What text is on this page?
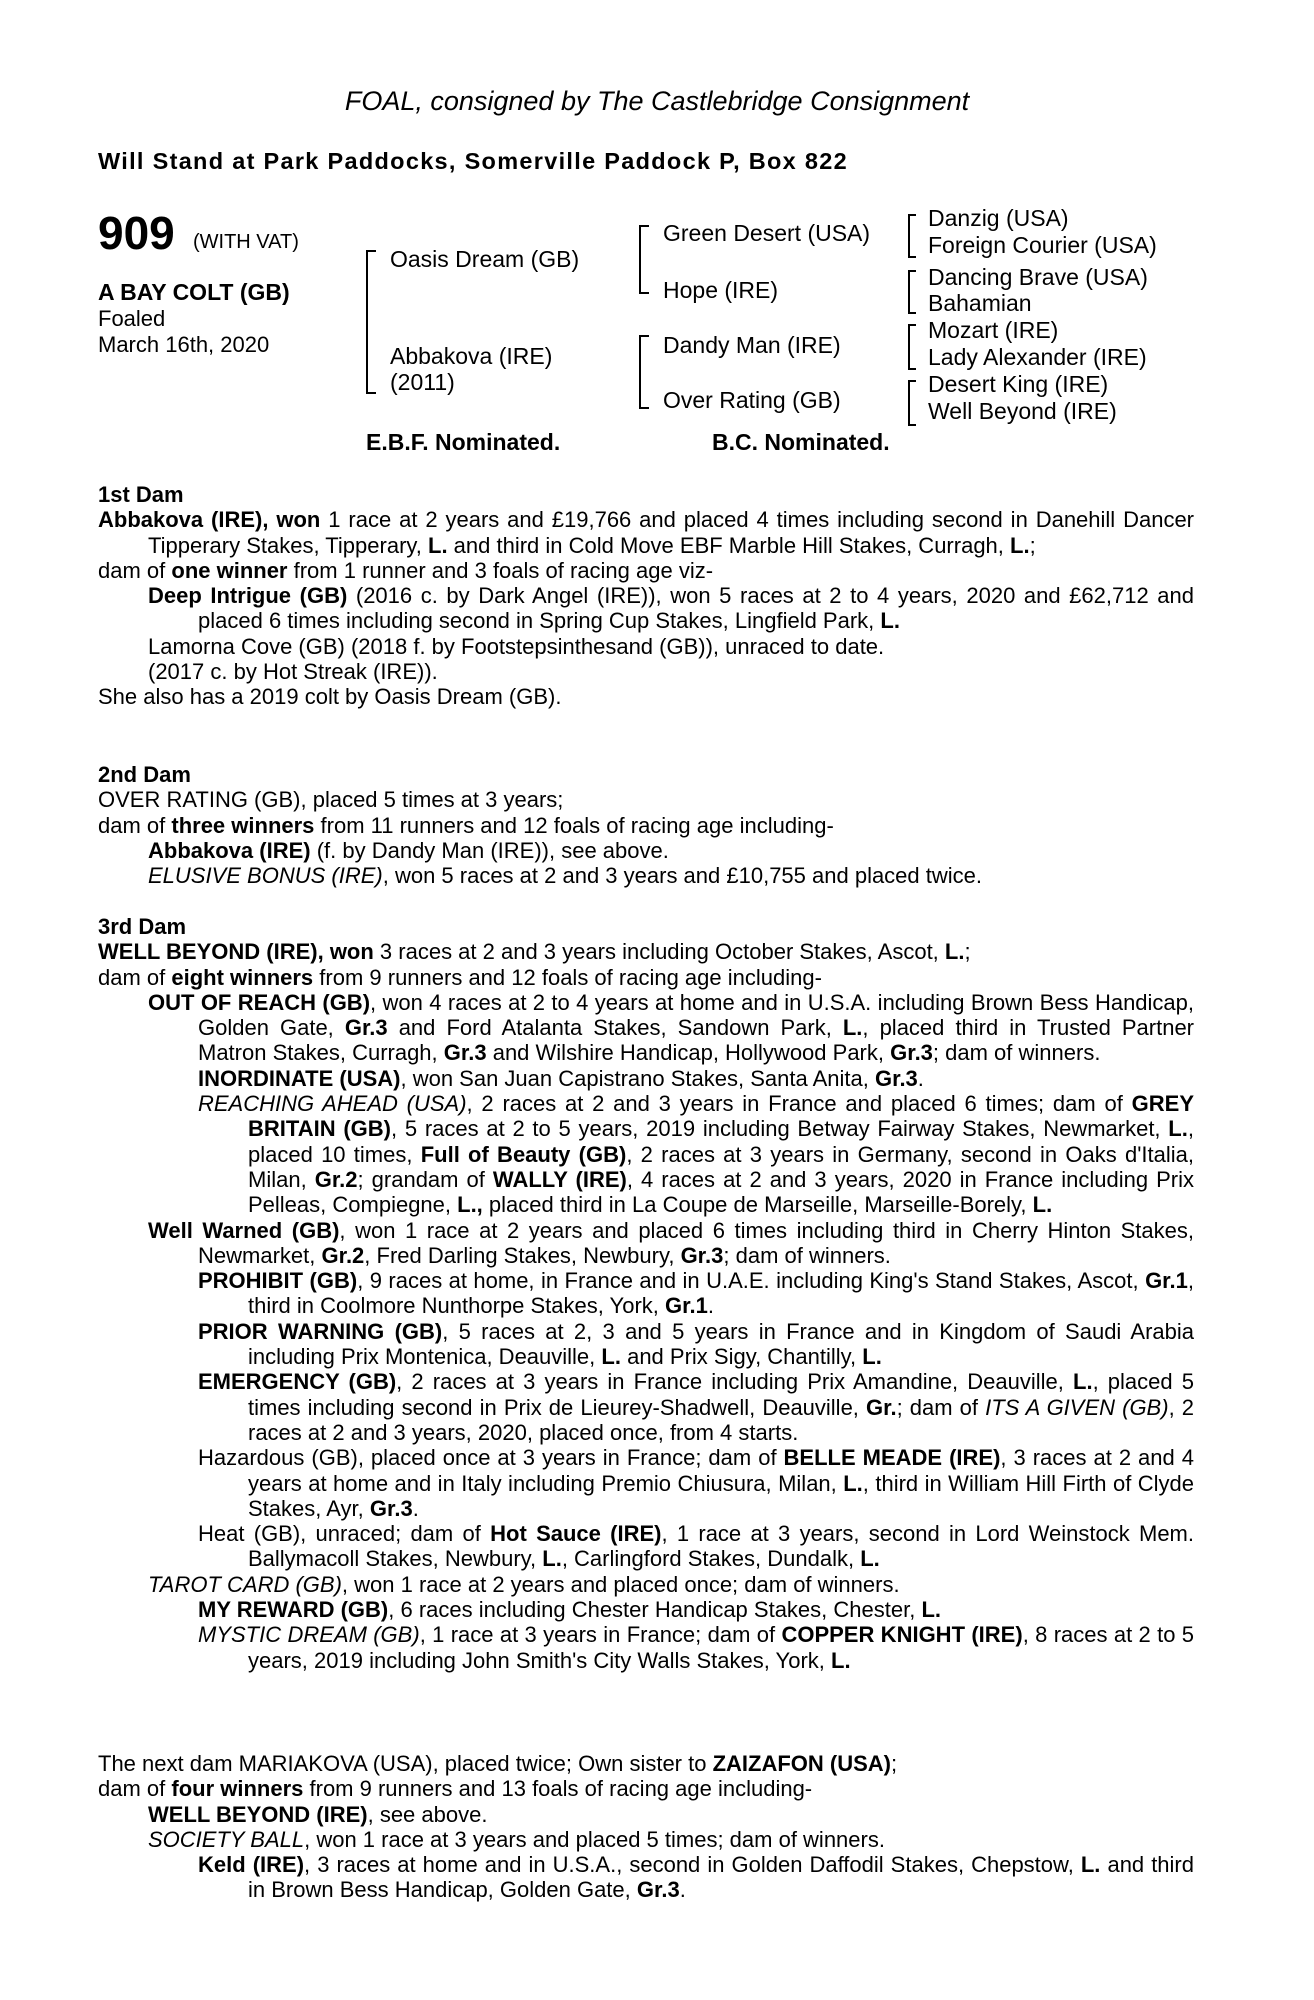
FOAL, consigned by The Castlebridge Consignment
Will Stand at Park Paddocks, Somerville Paddock P, Box 822
909 (WITH VAT)
A BAY COLT (GB)
Foaled
March 16th, 2020
Oasis Dream (GB)
Abbakova (IRE)
(2011)
Green Desert (USA)
Hope (IRE)
Dandy Man (IRE)
Over Rating (GB)
Danzig (USA)
Foreign Courier (USA)
Dancing Brave (USA)
Bahamian
Mozart (IRE)
Lady Alexander (IRE)
Desert King (IRE)
Well Beyond (IRE)
E.B.F. Nominated.	B.C. Nominated.

1st Dam

Abbakova (IRE), won 1 race at 2 years and £19,766 and placed 4 times including second in Danehill Dancer Tipperary Stakes, Tipperary, L. and third in Cold Move EBF Marble Hill Stakes, Curragh, L.;

dam of one winner from 1 runner and 3 foals of racing age viz-

Deep Intrigue (GB) (2016 c. by Dark Angel (IRE)), won 5 races at 2 to 4 years, 2020 and £62,712 and placed 6 times including second in Spring Cup Stakes, Lingfield Park, L.

Lamorna Cove (GB) (2018 f. by Footstepsinthesand (GB)), unraced to date.

(2017 c. by Hot Streak (IRE)).

She also has a 2019 colt by Oasis Dream (GB).

2nd Dam

OVER RATING (GB), placed 5 times at 3 years;

dam of three winners from 11 runners and 12 foals of racing age including-

Abbakova (IRE) (f. by Dandy Man (IRE)), see above.

ELUSIVE BONUS (IRE), won 5 races at 2 and 3 years and £10,755 and placed twice.

3rd Dam

WELL BEYOND (IRE), won 3 races at 2 and 3 years including October Stakes, Ascot, L.;

dam of eight winners from 9 runners and 12 foals of racing age including-

OUT OF REACH (GB), won 4 races at 2 to 4 years at home and in U.S.A. including Brown Bess Handicap, Golden Gate, Gr.3 and Ford Atalanta Stakes, Sandown Park, L., placed third in Trusted Partner Matron Stakes, Curragh, Gr.3 and Wilshire Handicap, Hollywood Park, Gr.3; dam of winners.

INORDINATE (USA), won San Juan Capistrano Stakes, Santa Anita, Gr.3.

REACHING AHEAD (USA), 2 races at 2 and 3 years in France and placed 6 times; dam of GREY BRITAIN (GB), 5 races at 2 to 5 years, 2019 including Betway Fairway Stakes, Newmarket, L., placed 10 times, Full of Beauty (GB), 2 races at 3 years in Germany, second in Oaks d'Italia, Milan, Gr.2; grandam of WALLY (IRE), 4 races at 2 and 3 years, 2020 in France including Prix Pelleas, Compiegne, L., placed third in La Coupe de Marseille, Marseille-Borely, L.

Well Warned (GB), won 1 race at 2 years and placed 6 times including third in Cherry Hinton Stakes, Newmarket, Gr.2, Fred Darling Stakes, Newbury, Gr.3; dam of winners.

PROHIBIT (GB), 9 races at home, in France and in U.A.E. including King's Stand Stakes, Ascot, Gr.1, third in Coolmore Nunthorpe Stakes, York, Gr.1.

PRIOR WARNING (GB), 5 races at 2, 3 and 5 years in France and in Kingdom of Saudi Arabia including Prix Montenica, Deauville, L. and Prix Sigy, Chantilly, L.

EMERGENCY (GB), 2 races at 3 years in France including Prix Amandine, Deauville, L., placed 5 times including second in Prix de Lieurey-Shadwell, Deauville, Gr.; dam of ITS A GIVEN (GB), 2 races at 2 and 3 years, 2020, placed once, from 4 starts.

Hazardous (GB), placed once at 3 years in France; dam of BELLE MEADE (IRE), 3 races at 2 and 4 years at home and in Italy including Premio Chiusura, Milan, L., third in William Hill Firth of Clyde Stakes, Ayr, Gr.3.

Heat (GB), unraced; dam of Hot Sauce (IRE), 1 race at 3 years, second in Lord Weinstock Mem. Ballymacoll Stakes, Newbury, L., Carlingford Stakes, Dundalk, L.

TAROT CARD (GB), won 1 race at 2 years and placed once; dam of winners.

MY REWARD (GB), 6 races including Chester Handicap Stakes, Chester, L.

MYSTIC DREAM (GB), 1 race at 3 years in France; dam of COPPER KNIGHT (IRE), 8 races at 2 to 5 years, 2019 including John Smith's City Walls Stakes, York, L.

The next dam MARIAKOVA (USA), placed twice; Own sister to ZAIZAFON (USA);

dam of four winners from 9 runners and 13 foals of racing age including-

WELL BEYOND (IRE), see above.

SOCIETY BALL, won 1 race at 3 years and placed 5 times; dam of winners.

Keld (IRE), 3 races at home and in U.S.A., second in Golden Daffodil Stakes, Chepstow, L. and third in Brown Bess Handicap, Golden Gate, Gr.3.
